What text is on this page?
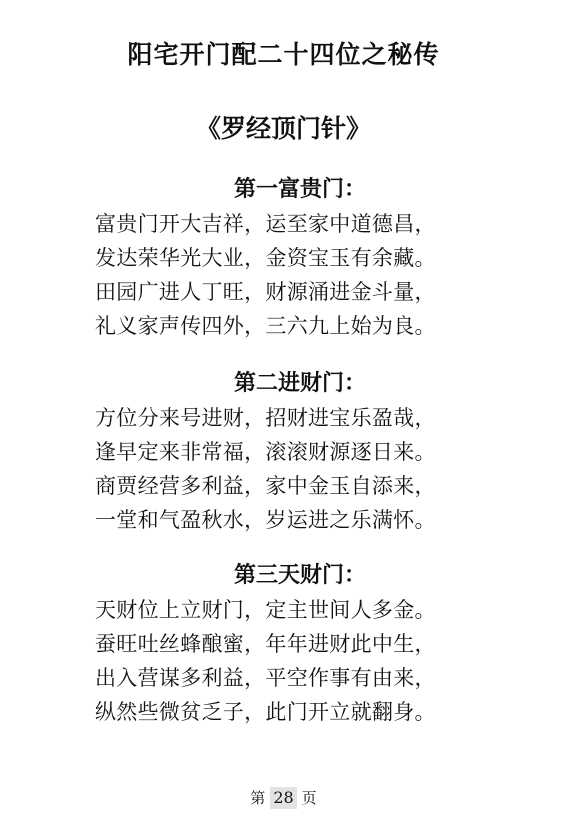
阳宅开门配二十四位之秘传
《罗经顶门针》
第一富贵门：
富贵门开大吉祥，运至家中道德昌，
发达荣华光大业，金资宝玉有余藏。
田园广进人丁旺，财源涌进金斗量，
礼义家声传四外，三六九上始为良。
第二进财门：
方位分来号进财，招财进宝乐盈哉，
逢早定来非常福，滚滚财源逐日来。
商贾经营多利益，家中金玉自添来，
一堂和气盈秋水，岁运进之乐满怀。
第三天财门：
天财位上立财门，定主世间人多金。
蚕旺吐丝蜂酿蜜，年年进财此中生，
出入营谋多利益，平空作事有由来，
纵然些微贫乏子，此门开立就翻身。
第 28 页
